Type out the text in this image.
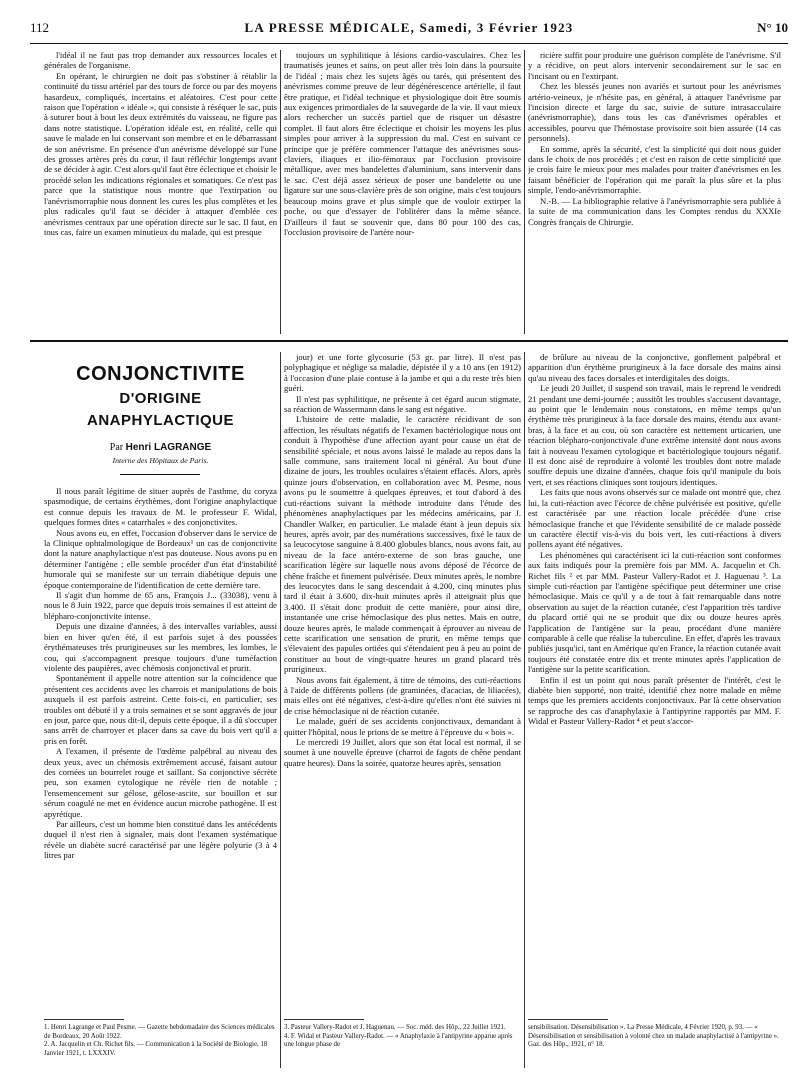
112	LA PRESSE MÉDICALE, Samedi, 3 Février 1923	N° 10

l'idéal il ne faut pas trop demander aux ressources locales et générales de l'organisme.

En opérant, le chirurgien ne doit pas s'obstiner à rétablir la continuité du tissu artériel par des tours de force ou par des moyens hasardeux, compliqués, incertains et aléatoires. C'est pour cette raison que l'opération « idéale », qui consiste à réséquer le sac, puis à suturer bout à bout les deux extrémités du vaisseau, ne figure pas dans notre statistique. L'opération idéale est, en réalité, celle qui sauve le malade en lui conservant son membre et en le débarrassant de son anévrisme. En présence d'un anévrisme développé sur l'une des grosses artères près du cœur, il faut réfléchir longtemps avant de se décider à agir. C'est alors qu'il faut être éclectique et choisir le procédé selon les indications régionales et somatiques. Ce n'est pas parce que la statistique nous montre que l'extirpation ou l'anévrismorraphie nous donnent les cures les plus complètes et les plus radicales qu'il faut se décider à attaquer d'emblée ces anévrismes centraux par une opération directe sur le sac. Il faut, en tous cas, faire un examen minutieux du malade, qui est presque

toujours un syphilitique à lésions cardio-vasculaires. Chez les traumatisés jeunes et sains, on peut aller très loin dans la poursuite de l'idéal ; mais chez les sujets âgés ou tarés, qui présentent des anévrismes comme preuve de leur dégénérescence artérielle, il faut être pratique, et l'idéal technique et physiologique doit être soumis aux exigences primordiales de la sauvegarde de la vie. Il vaut mieux alors rechercher un succès partiel que de risquer un désastre complet. Il faut alors être éclectique et choisir les moyens les plus simples pour arriver à la suppression du mal. C'est en suivant ce principe que je préfère commencer l'attaque des anévrismes sous-claviers, iliaques et ilio-fémoraux par l'occlusion provisoire métallique, avec mes bandelettes d'aluminium, sans intervenir dans le sac. C'est déjà assez sérieux de poser une bandelette ou une ligature sur une sous-clavière près de son origine, mais c'est toujours beaucoup moins grave et plus simple que de vouloir extirper la poche, ou que d'essayer de l'oblitérer dans la même séance. D'ailleurs il faut se souvenir que, dans 80 pour 100 des cas, l'occlusion provisoire de l'artère nour-

ricière suffit pour produire une guérison complète de l'anévrisme. S'il y a récidive, on peut alors intervenir secondairement sur le sac en l'incisant ou en l'extirpant.

Chez les blessés jeunes non avariés et surtout pour les anévrismes artério-veineux, je n'hésite pas, en général, à attaquer l'anévrisme par l'incision directe et large du sac, suivie de suture intrasacculaire (anévrismorraphie), dans tous les cas d'anévrismes opérables et accessibles, pourvu que l'hémostase provisoire soit bien assurée (14 cas personnels).

En somme, après la sécurité, c'est la simplicité qui doit nous guider dans le choix de nos procédés ; et c'est en raison de cette simplicité que je crois faire le mieux pour mes malades pour traiter d'anévrismes en les faisant bénéficier de l'opération qui me paraît la plus sûre et la plus simple, l'endo-anévrismorraphie.

N.-B. — La bibliographie relative à l'anévrismorraphie sera publiée à la suite de ma communication dans les Comptes rendus du XXXIe Congrès français de Chirurgie.

CONJONCTIVITE
D'ORIGINE ANAPHYLACTIQUE
Par Henri LAGRANGE
Interne des Hôpitaux de Paris.

Il nous paraît légitime de situer auprès de l'asthme, du coryza spasmodique, de certains érythèmes, dont l'origine anaphylactique est connue depuis les travaux de M. le professeur F. Widal, quelques formes dites « catarrhales » des conjonctivites.

Nous avons eu, en effet, l'occasion d'observer dans le service de la Clinique ophtalmologique de Bordeaux¹ un cas de conjonctivite dont la nature anaphylactique n'est pas douteuse. Nous avons pu en déterminer l'antigène ; elle semble procéder d'un état d'instabilité humorale qui se manifeste sur un terrain diabétique depuis une époque contemporaine de l'identification de cette dernière tare.

Il s'agit d'un homme de 65 ans, François J... (33038), venu à nous le 8 Juin 1922, parce que depuis trois semaines il est atteint de blépharo-conjonctivite intense.

Depuis une dizaine d'années, à des intervalles variables, aussi bien en hiver qu'en été, il est parfois sujet à des poussées érythémateuses très prurigineuses sur les membres, les lombes, le cou, qui s'accompagnent presque toujours d'une tuméfaction violente des paupières, avec chémosis conjonctival et prurit.

Spontanément il appelle notre attention sur la coïncidence que présentent ces accidents avec les charrois et manipulations de bois auxquels il est parfois astreint. Cette fois-ci, en particulier, ses troubles ont débuté il y a trois semaines et se sont aggravés de jour en jour, parce que, nous dit-il, depuis cette époque, il a dû s'occuper sans arrêt de charroyer et placer dans sa cave du bois vert qu'il a pris en forêt.

A l'examen, il présente de l'œdème palpébral au niveau des deux yeux, avec un chémosis extrêmement accusé, faisant autour des cornées un bourrelet rouge et saillant. Sa conjonctive sécrète peu, son examen cytologique ne révèle rien de notable ; l'ensemencement sur gélose, gélose-ascite, sur bouillon et sur sérum coagulé ne met en évidence aucun microbe pathogène. Il est apyrétique.

Par ailleurs, c'est un homme bien constitué dans les antécédents duquel il n'est rien à signaler, mais dont l'examen systématique révèle un diabète sucré caractérisé par une légère polyurie (3 à 4 litres par

jour) et une forte glycosurie (53 gr. par litre). Il n'est pas polyphagique et néglige sa maladie, dépistée il y a 10 ans (en 1912) à l'occasion d'une plaie contuse à la jambe et qui a du reste très bien guéri.

Il n'est pas syphilitique, ne présente à cet égard aucun stigmate, sa réaction de Wassermann dans le sang est négative.

L'histoire de cette maladie, le caractère récidivant de son affection, les résultats négatifs de l'examen bactériologique nous ont conduit à l'hypothèse d'une affection ayant pour cause un état de sensibilité spéciale, et nous avons laissé le malade au repos dans la salle commune, sans traitement local ni général. Au bout d'une dizaine de jours, les troubles oculaires s'étaient effacés. Alors, après quinze jours d'observation, en collaboration avec M. Pesme, nous avons pu le soumettre à quelques épreuves, et tout d'abord à des cuti-réactions suivant la méthode introduite dans l'étude des phénomènes anaphylactiques par les médecins américains, par J. Chandler Walker, en particulier. Le malade étant à jeun depuis six heures, après avoir, par des numérations successives, fixé le taux de sa leucocytose sanguine à 8.400 globules blancs, nous avons fait, au niveau de la face antéro-externe de son bras gauche, une scarification légère sur laquelle nous avons déposé de l'écorce de chêne fraîche et finement pulvérisée. Deux minutes après, le nombre des leucocytes dans le sang descendait à 4.200, cinq minutes plus tard il était à 3.600, dix-huit minutes après il atteignait plus que 3.400. Il s'était donc produit de cette manière, pour ainsi dire, instantanée une crise hémoclasique des plus nettes. Mais en outre, douze heures après, le malade commençait à éprouver au niveau de cette scarification une sensation de prurit, en même temps que s'élevaient des papules ortiées qui s'étendaient peu à peu au point de constituer au bout de vingt-quatre heures un grand placard très prurigineux.

Nous avons fait également, à titre de témoins, des cuti-réactions à l'aide de différents pollens (de graminées, d'acacias, de liliacées), mais elles ont été négatives, c'est-à-dire qu'elles n'ont été suivies ni de crise hémoclasique ni de réaction cutanée.

Le malade, guéri de ses accidents conjonctivaux, demandant à quitter l'hôpital, nous le prions de se mettre à l'épreuve du « bois ».

Le mercredi 19 Juillet, alors que son état local est normal, il se soumet à une nouvelle épreuve (charroi de fagots de chêne pendant quatre heures). Dans la soirée, quatorze heures après, sensation

de brûlure au niveau de la conjonctive, gonflement palpébral et apparition d'un érythème prurigineux à la face dorsale des mains ainsi qu'au niveau des faces dorsales et interdigitales des doigts.

Le jeudi 20 Juillet, il suspend son travail, mais le reprend le vendredi 21 pendant une demi-journée ; aussitôt les troubles s'accusent davantage, au point que le lendemain nous constatons, en même temps qu'un érythème très prurigineux à la face dorsale des mains, étendu aux avant-bras, à la face et au cou, où son caractère est nettement urticarien, une réaction blépharo-conjonctivale d'une extrême intensité dont nous avons fait à nouveau l'examen cytologique et bactériologique toujours négatif. Il est donc aisé de reproduire à volonté les troubles dont notre malade souffre depuis une dizaine d'années, chaque fois qu'il manipule du bois vert, et ses réactions cliniques sont toujours identiques.

Les faits que nous avons observés sur ce malade ont montré que, chez lui, la cuti-réaction avec l'écorce de chêne pulvérisée est positive, qu'elle est caractérisée par une réaction locale précédée d'une crise hémoclasique franche et que l'évidente sensibilité de ce malade possède un caractère électif vis-à-vis du bois vert, les cuti-réactions à divers pollens ayant été négatives.

Les phénomènes qui caractérisent ici la cuti-réaction sont conformes aux faits indiqués pour la première fois par MM. A. Jacquelin et Ch. Richet fils ² et par MM. Pasteur Vallery-Radot et J. Haguenau ³. La simple cuti-réaction par l'antigène spécifique peut déterminer une crise hémoclasique. Mais ce qu'il y a de tout à fait remarquable dans notre observation au sujet de la réaction cutanée, c'est l'apparition très tardive du placard ortié qui ne se produit que dix ou douze heures après l'application de l'antigène sur la peau, procédant d'une manière comparable à celle que réalise la tuberculine. En effet, d'après les travaux publiés jusqu'ici, tant en Amérique qu'en France, la réaction cutanée avait toujours été constatée entre dix et trente minutes après l'application de l'antigène sur la petite scarification.

Enfin il est un point qui nous paraît présenter de l'intérêt, c'est le diabète bien supporté, non traité, identifié chez notre malade en même temps que les premiers accidents conjonctivaux. Par là cette observation se rapproche des cas d'anaphylaxie à l'antipyrine rapportés par MM. F. Widal et Pasteur Vallery-Radot ⁴ et peut s'accor-

1. Henri Lagrange et Paul Pesme. — Gazette hebdomadaire des Sciences médicales de Bordeaux, 20 Août 1922.

2. A. Jacquelin et Ch. Richet fils. — Communication à la Société de Biologie, 18 Janvier 1921, t. LXXXIV.

3. Pasteur Vallery-Radot et J. Haguenau. — Soc. méd. des Hôp., 22 Juillet 1921.

4. F. Widal et Pasteur Vallery-Radot. — « Anaphylaxie à l'antipyrine apparue après une longue phase de

sensibilisation. Désensibilisation ». La Presse Médicale, 4 Février 1920, p. 93. — « Désensibilisation et sensibilisation à volonté chez un malade anaphylactisé à l'antipyrine ». Gaz. des Hôp., 1921, n° 18.
